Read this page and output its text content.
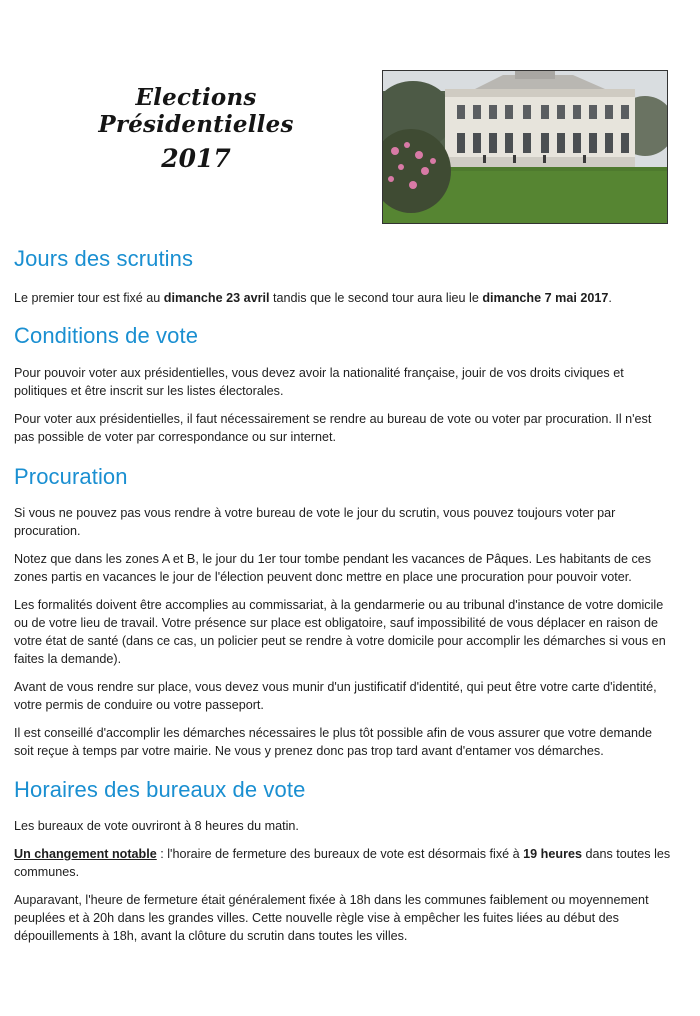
Elections Présidentielles
2017
Jours des scrutins

Le premier tour est fixé au dimanche 23 avril tandis que le second tour aura lieu le dimanche 7 mai 2017.

Conditions de vote

Pour pouvoir voter aux présidentielles, vous devez avoir la nationalité française, jouir de vos droits civiques et politiques et être inscrit sur les listes électorales.

Pour voter aux présidentielles, il faut nécessairement se rendre au bureau de vote ou voter par procuration. Il n'est pas possible de voter par correspondance ou sur internet.

Procuration

Si vous ne pouvez pas vous rendre à votre bureau de vote le jour du scrutin, vous pouvez toujours voter par procuration.

Notez que dans les zones A et B, le jour du 1er tour tombe pendant les vacances de Pâques. Les habitants de ces zones partis en vacances le jour de l'élection peuvent donc mettre en place une procuration pour pouvoir voter.

Les formalités doivent être accomplies au commissariat, à la gendarmerie ou au tribunal d'instance de votre domicile ou de votre lieu de travail. Votre présence sur place est obligatoire, sauf impossibilité de vous déplacer en raison de votre état de santé (dans ce cas, un policier peut se rendre à votre domicile pour accomplir les démarches si vous en faites la demande).

Avant de vous rendre sur place, vous devez vous munir d'un justificatif d'identité, qui peut être votre carte d'identité, votre permis de conduire ou votre passeport.

Il est conseillé d'accomplir les démarches nécessaires le plus tôt possible afin de vous assurer que votre demande soit reçue à temps par votre mairie. Ne vous y prenez donc pas trop tard avant d'entamer vos démarches.

Horaires des bureaux de vote

Les bureaux de vote ouvriront à 8 heures du matin.

Un changement notable : l'horaire de fermeture des bureaux de vote est désormais fixé à 19 heures dans toutes les communes.

Auparavant, l'heure de fermeture était généralement fixée à 18h dans les communes faiblement ou moyennement peuplées et à 20h dans les grandes villes. Cette nouvelle règle vise à empêcher les fuites liées au début des dépouillements à 18h, avant la clôture du scrutin dans toutes les villes.
